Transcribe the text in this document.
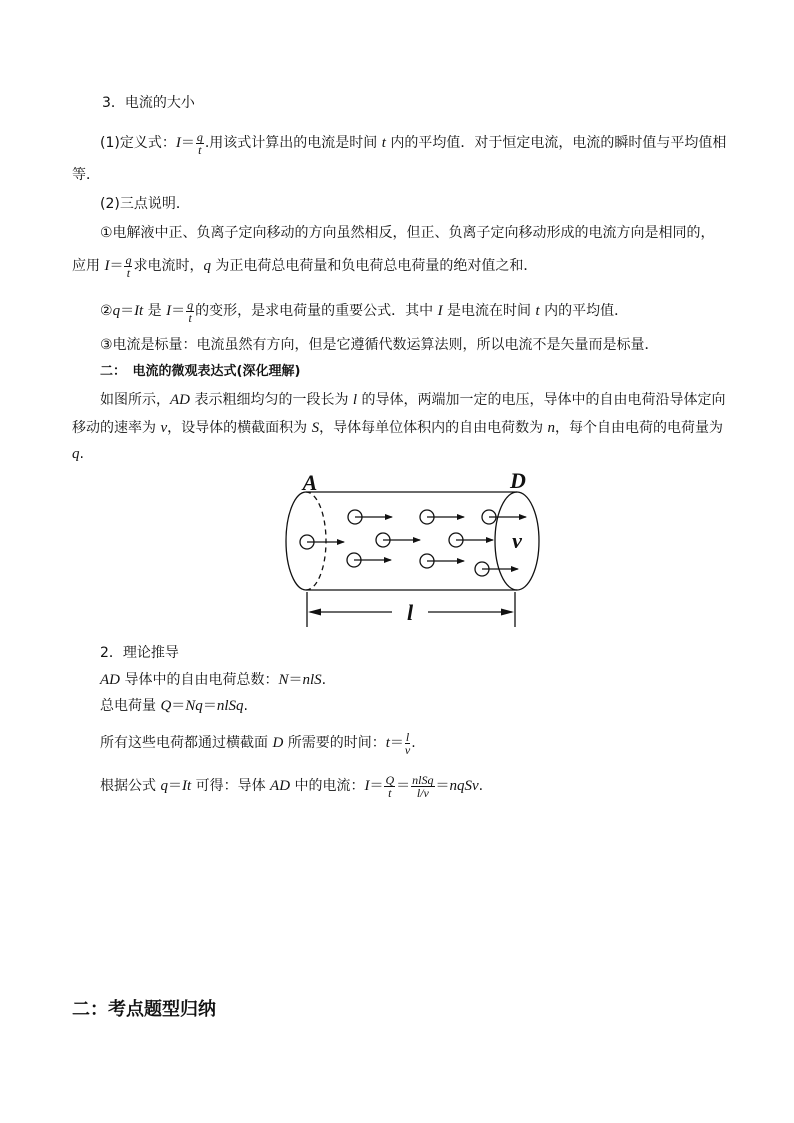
3．电流的大小
(1)定义式： $I = \frac{q}{t}$ .用该式计算出的电流是时间 t 内的平均值．对于恒定电流，电流的瞬时值与平均值相
等．
(2)三点说明．
①电解液中正、负离子定向移动的方向虽然相反，但正、负离子定向移动形成的电流方向是相同的，
应用 $I = \frac{q}{t}$ 求电流时， q 为正电荷总电荷量和负电荷总电荷量的绝对值之和．
② q ＝ It 是 $I = \frac{q}{t}$ 的变形，是求电荷量的重要公式．其中 I 是电流在时间 t 内的平均值．
③电流是标量：电流虽然有方向，但是它遵循代数运算法则，所以电流不是矢量而是标量．
二：　电流的微观表达式(深化理解)
如图所示， AD 表示粗细均匀的一段长为 l 的导体，两端加一定的电压，导体中的自由电荷沿导体定向
移动的速率为 v ，设导体的横截面积为 S ，导体每单位体积内的自由电荷数为 n ，每个自由电荷的电荷量为
q .
A	D
v
l
2．理论推导
AD 导体中的自由电荷总数： N ＝ nlS .
总电荷量 Q ＝ Nq ＝ nlSq .
所有这些电荷都通过横截面 D 所需要的时间： $t = \frac{l}{v}$ .
根据公式 q ＝ It 可得：导体 AD 中的电流： $I = \frac{Q}{t} = \frac{\text{nlSq}}{l/v}$ ＝ nqSv .
二：考点题型归纳
